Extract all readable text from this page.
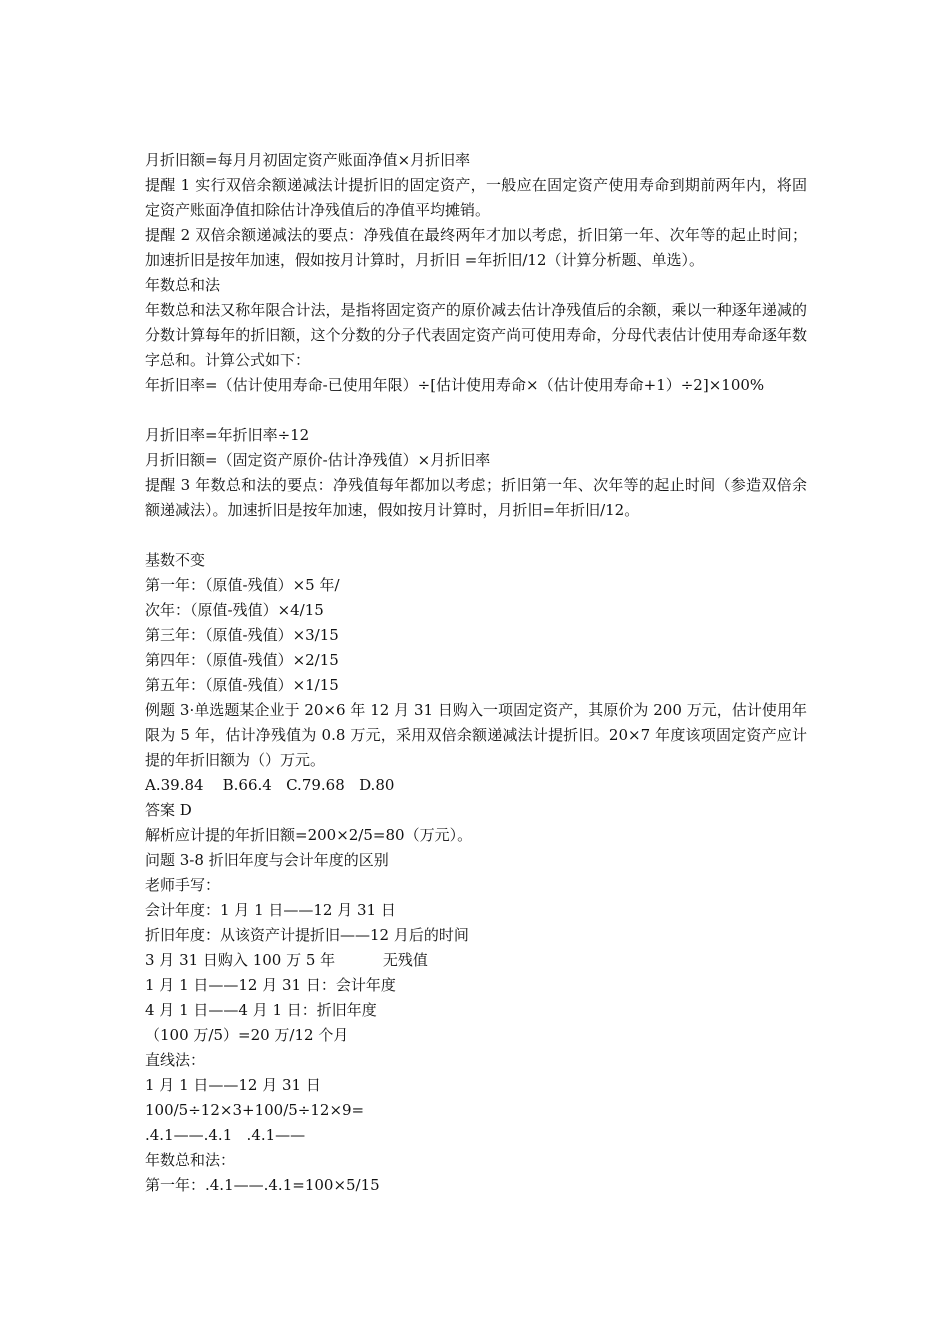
月折旧额=每月月初固定资产账面净值×月折旧率
提醒 1 实行双倍余额递减法计提折旧的固定资产，一般应在固定资产使用寿命到期前两年内，将固定资产账面净值扣除估计净残值后的净值平均摊销。
提醒 2 双倍余额递减法的要点：净残值在最终两年才加以考虑，折旧第一年、次年等的起止时间；加速折旧是按年加速，假如按月计算时，月折旧 =年折旧/12（计算分析题、单选）。
年数总和法
年数总和法又称年限合计法，是指将固定资产的原价减去估计净残值后的余额，乘以一种逐年递减的分数计算每年的折旧额，这个分数的分子代表固定资产尚可使用寿命，分母代表估计使用寿命逐年数字总和。计算公式如下：
年折旧率=（估计使用寿命-已使用年限）÷[估计使用寿命×（估计使用寿命+1）÷2]×100%
月折旧率=年折旧率÷12
月折旧额=（固定资产原价-估计净残值）×月折旧率
提醒 3 年数总和法的要点：净残值每年都加以考虑；折旧第一年、次年等的起止时间（参造双倍余额递减法）。加速折旧是按年加速，假如按月计算时，月折旧=年折旧/12。
基数不变
第一年：（原值-残值）×5 年/
次年：（原值-残值）×4/15
第三年：（原值-残值）×3/15
第四年：（原值-残值）×2/15
第五年：（原值-残值）×1/15
例题 3·单选题某企业于 20×6 年 12 月 31 日购入一项固定资产，其原价为 200 万元，估计使用年限为 5 年，估计净残值为 0.8 万元，采用双倍余额递减法计提折旧。20×7 年度该项固定资产应计提的年折旧额为（）万元。
A.39.84    B.66.4   C.79.68   D.80
答案 D
解析应计提的年折旧额=200×2/5=80（万元）。
问题 3-8 折旧年度与会计年度的区别
老师手写：
会计年度：1 月 1 日——12 月 31 日
折旧年度：从该资产计提折旧——12 月后的时间
3 月 31 日购入 100 万 5 年          无残值
1 月 1 日——12 月 31 日：会计年度
4 月 1 日——4 月 1 日：折旧年度
（100 万/5）=20 万/12 个月
直线法：
1 月 1 日——12 月 31 日
100/5÷12×3+100/5÷12×9=
.4.1——.4.1   .4.1——
年数总和法：
第一年：.4.1——.4.1=100×5/15
